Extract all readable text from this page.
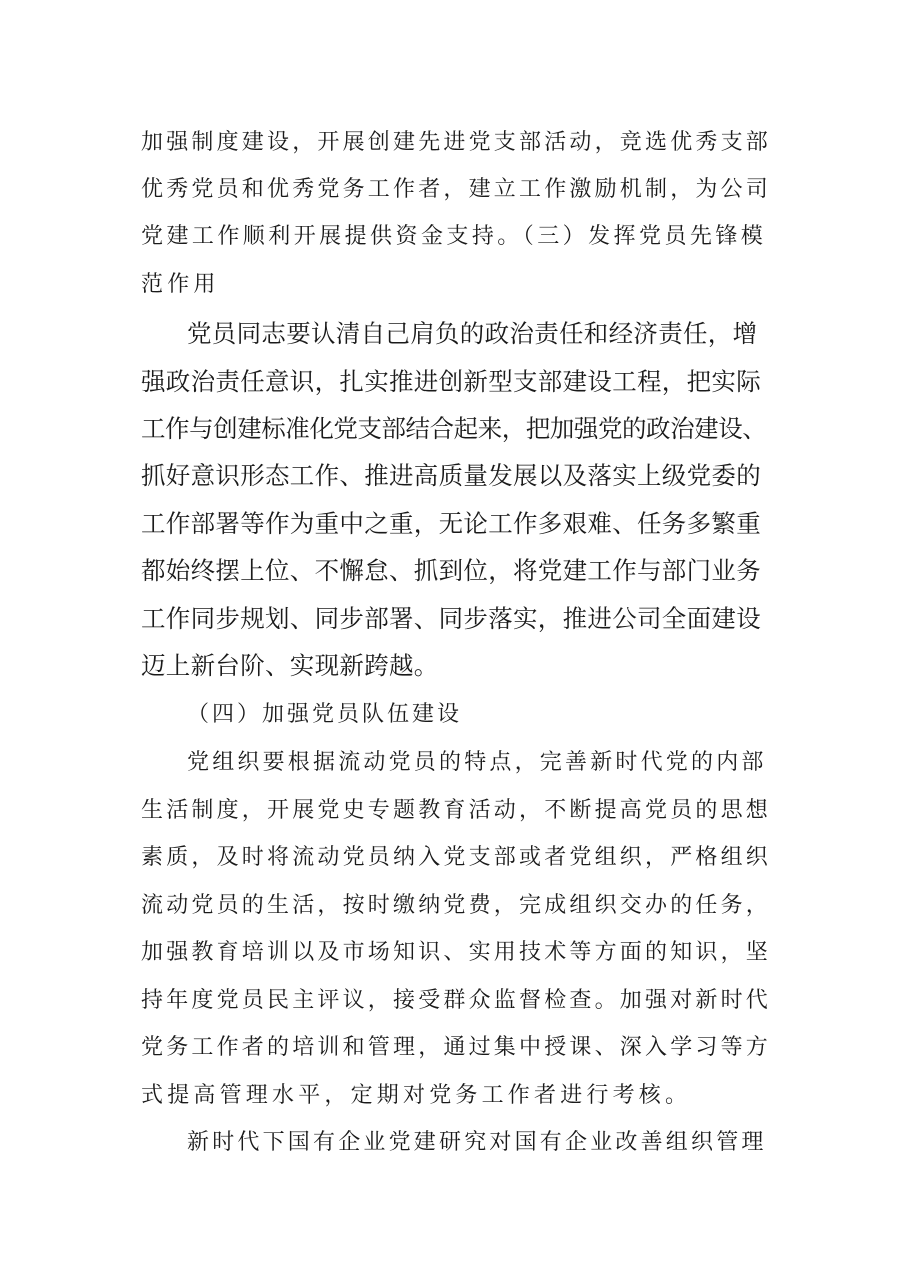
加强制度建设，开展创建先进党支部活动，竞选优秀支部

优秀党员和优秀党务工作者，建立工作激励机制，为公司

党建工作顺利开展提供资金支持。（三）发挥党员先锋模

范作用

党员同志要认清自己肩负的政治责任和经济责任，增

强政治责任意识，扎实推进创新型支部建设工程，把实际

工作与创建标准化党支部结合起来，把加强党的政治建设、

抓好意识形态工作、推进高质量发展以及落实上级党委的

工作部署等作为重中之重，无论工作多艰难、任务多繁重

都始终摆上位、不懈怠、抓到位，将党建工作与部门业务

工作同步规划、同步部署、同步落实，推进公司全面建设

迈上新台阶、实现新跨越。

（四）加强党员队伍建设

党组织要根据流动党员的特点，完善新时代党的内部

生活制度，开展党史专题教育活动，不断提高党员的思想

素质，及时将流动党员纳入党支部或者党组织，严格组织

流动党员的生活，按时缴纳党费，完成组织交办的任务，

加强教育培训以及市场知识、实用技术等方面的知识，坚

持年度党员民主评议，接受群众监督检查。加强对新时代

党务工作者的培训和管理，通过集中授课、深入学习等方

式提高管理水平，定期对党务工作者进行考核。

新时代下国有企业党建研究对国有企业改善组织管理
